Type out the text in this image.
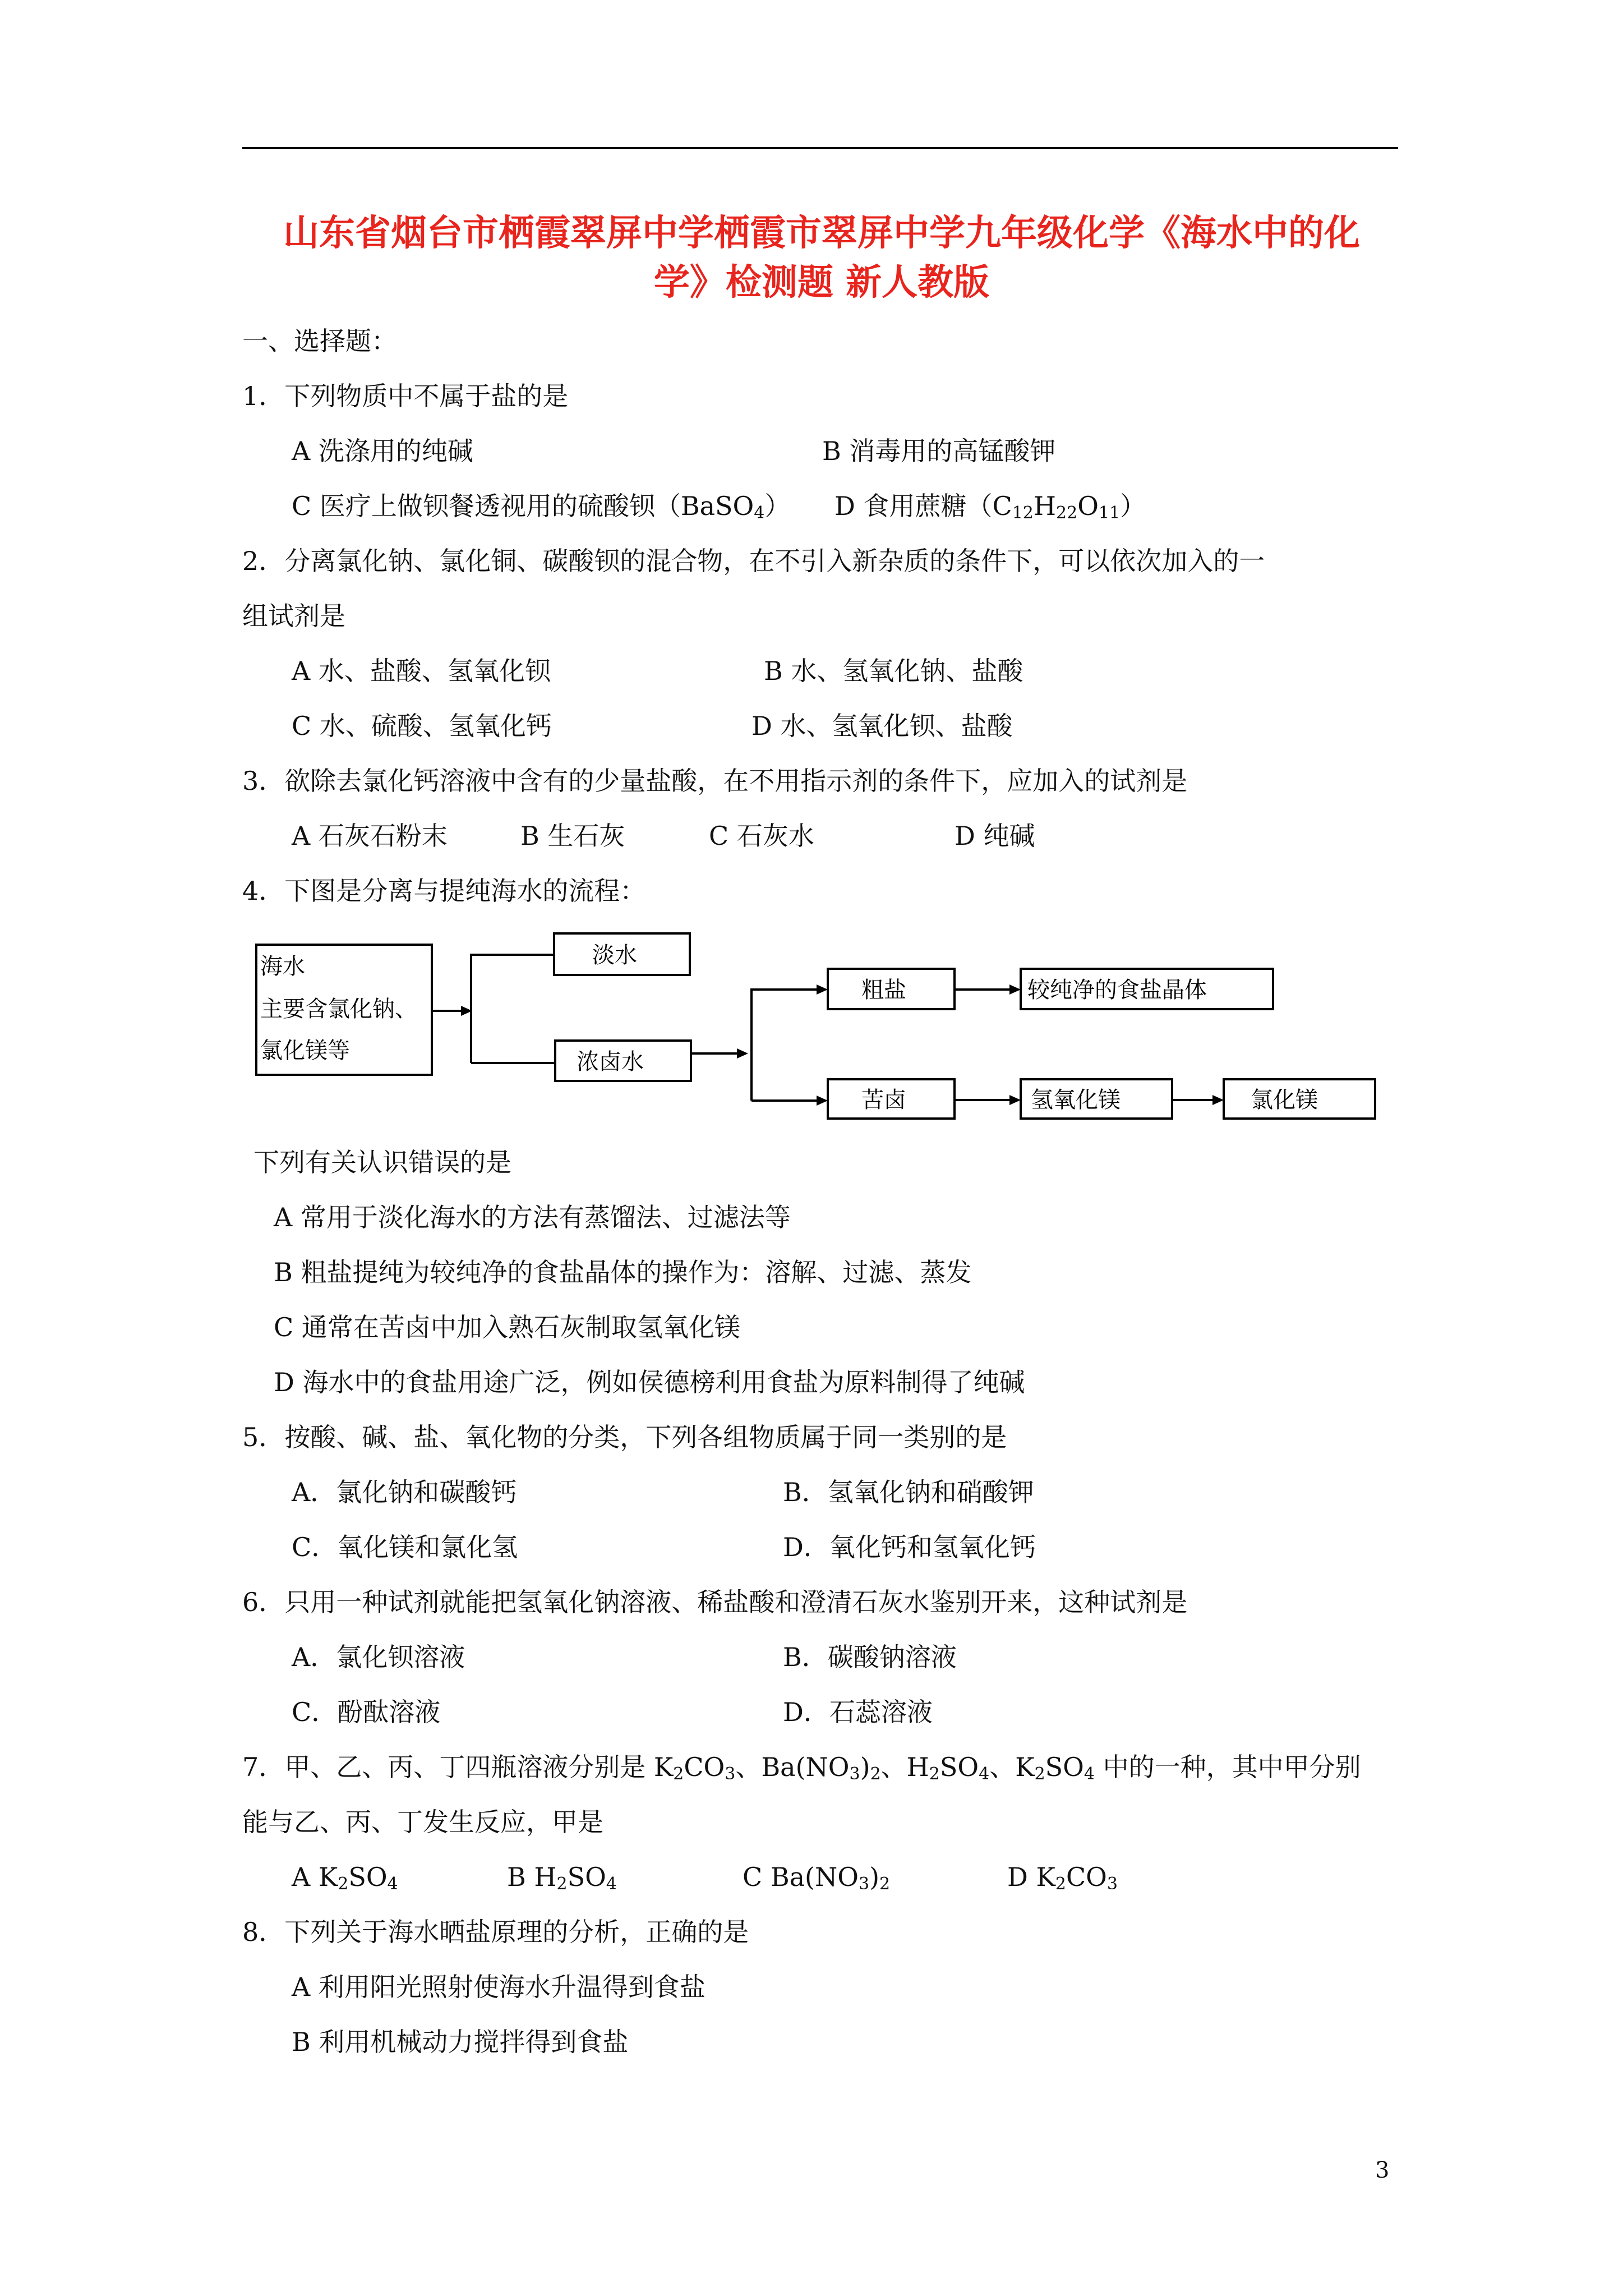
山东省烟台市栖霞翠屏中学栖霞市翠屏中学九年级化学《海水中的化
学》检测题 新人教版
一、选择题：
1．下列物质中不属于盐的是
A 洗涤用的纯碱	B 消毒用的高锰酸钾
C 医疗上做钡餐透视用的硫酸钡（BaSO$_4$） D 食用蔗糖$(C_{12}H_{22}O_{11})$
2．分离氯化钠、氯化铜、碳酸钡的混合物，在不引入新杂质的条件下，可以依次加入的一
组试剂是
A 水、盐酸、氢氧化钡	B 水、氢氧化钠、盐酸
C 水、硫酸、氢氧化钙	D 水、氢氧化钡、盐酸
3．欲除去氯化钙溶液中含有的少量盐酸，在不用指示剂的条件下，应加入的试剂是
A 石灰石粉末	B 生石灰	C 石灰水	D 纯碱
4．下图是分离与提纯海水的流程：
海水
主要含氯化钠、
氯化镁等
淡水
浓卤水
粗盐	较纯净的食盐晶体
苦卤	氢氧化镁	氯化镁
下列有关认识错误的是
A 常用于淡化海水的方法有蒸馏法、过滤法等
B 粗盐提纯为较纯净的食盐晶体的操作为：溶解、过滤、蒸发
C 通常在苦卤中加入熟石灰制取氢氧化镁
D 海水中的食盐用途广泛，例如侯德榜利用食盐为原料制得了纯碱
5．按酸、碱、盐、氧化物的分类，下列各组物质属于同一类别的是
A．氯化钠和碳酸钙	B．氢氧化钠和硝酸钾
C．氧化镁和氯化氢	D．氧化钙和氢氧化钙
6．只用一种试剂就能把氢氧化钠溶液、稀盐酸和澄清石灰水鉴别开来，这种试剂是
A．氯化钡溶液	B．碳酸钠溶液
C．酚酞溶液	D．石蕊溶液
7．甲、乙、丙、丁四瓶溶液分别是 $K_2CO_3$、$Ba(NO_3)_2$、$H_2SO_4$、$K_2SO_4$ 中的一种，其中甲分别
能与乙、丙、丁发生反应，甲是
A $K_2SO_4$	B $H_2SO_4$	C $Ba(NO_3)_2$	D $K_2CO_3$
8．下列关于海水晒盐原理的分析，正确的是
A 利用阳光照射使海水升温得到食盐
B 利用机械动力搅拌得到食盐
3
